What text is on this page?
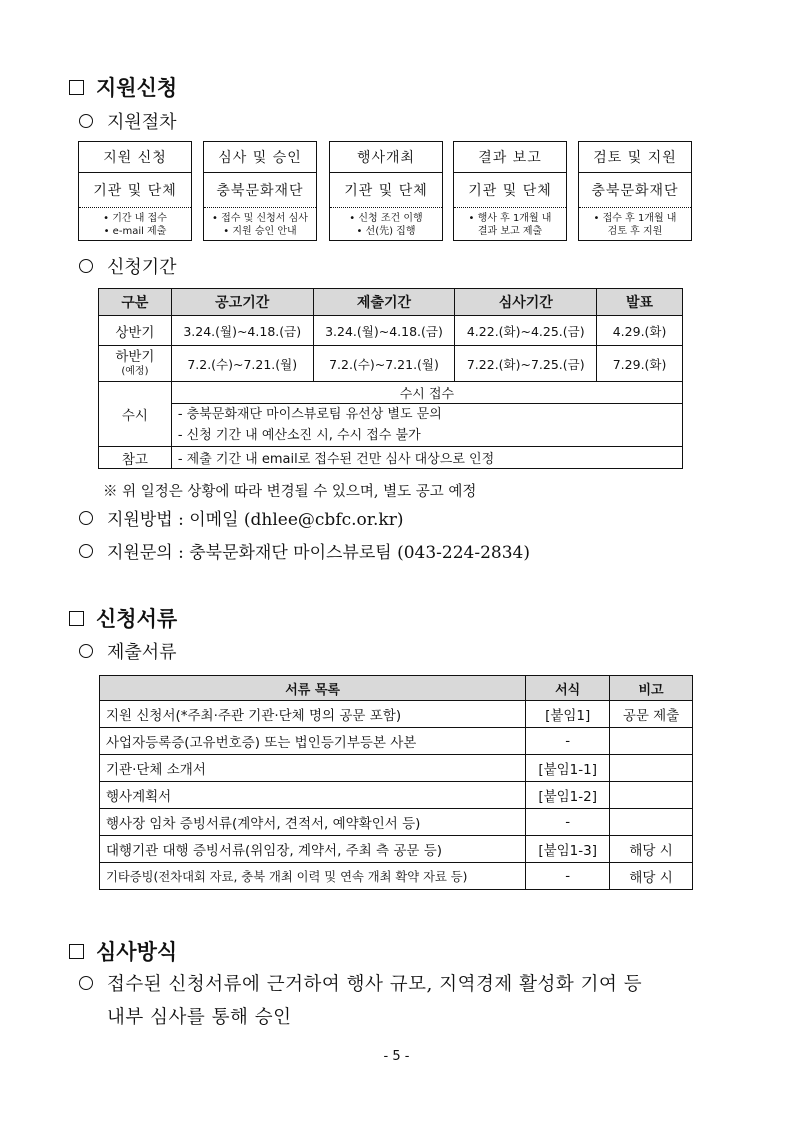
지원신청
지원절차
지원 신청
기관 및 단체
• 기간 내 접수
• e-mail 제출
심사 및 승인
충북문화재단
• 접수 및 신청서 심사
• 지원 승인 안내
행사개최
기관 및 단체
• 신청 조건 이행
• 선(先) 집행
결과 보고
기관 및 단체
• 행사 후 1개월 내
결과 보고 제출
검토 및 지원
충북문화재단
• 접수 후 1개월 내
검토 후 지원
신청기간
구분	공고기간	제출기간	심사기간	발표
상반기	3.24.(월)~4.18.(금)	3.24.(월)~4.18.(금)	4.22.(화)~4.25.(금)	4.29.(화)

하반기
(예정)	7.2.(수)~7.21.(월)	7.2.(수)~7.21.(월)	7.22.(화)~7.25.(금)	7.29.(화)
수시	수시 접수			

	- 충북문화재단 마이스뷰로팀 유선상 별도 문의
- 신청 기간 내 예산소진 시, 수시 접수 불가			

참고	- 제출 기간 내 email로 접수된 건만 심사 대상으로 인정			
※ 위 일정은 상황에 따라 변경될 수 있으며, 별도 공고 예정
지원방법 : 이메일 (dhlee@cbfc.or.kr)
지원문의 : 충북문화재단 마이스뷰로팀 (043-224-2834)
신청서류
제출서류
서류 목록	서식	비고
지원 신청서(*주최·주관 기관·단체 명의 공문 포함)	[붙임1]	공문 제출
사업자등록증(고유번호증) 또는 법인등기부등본 사본	-	
기관·단체 소개서	[붙임1-1]	
행사계획서	[붙임1-2]	
행사장 임차 증빙서류(계약서, 견적서, 예약확인서 등)	-	
대행기관 대행 증빙서류(위임장, 계약서, 주최 측 공문 등)	[붙임1-3]	해당 시
기타증빙(전차대회 자료, 충북 개최 이력 및 연속 개최 확약 자료 등)	-	해당 시
심사방식
접수된 신청서류에 근거하여 행사 규모, 지역경제 활성화 기여 등
내부 심사를 통해 승인
- 5 -
